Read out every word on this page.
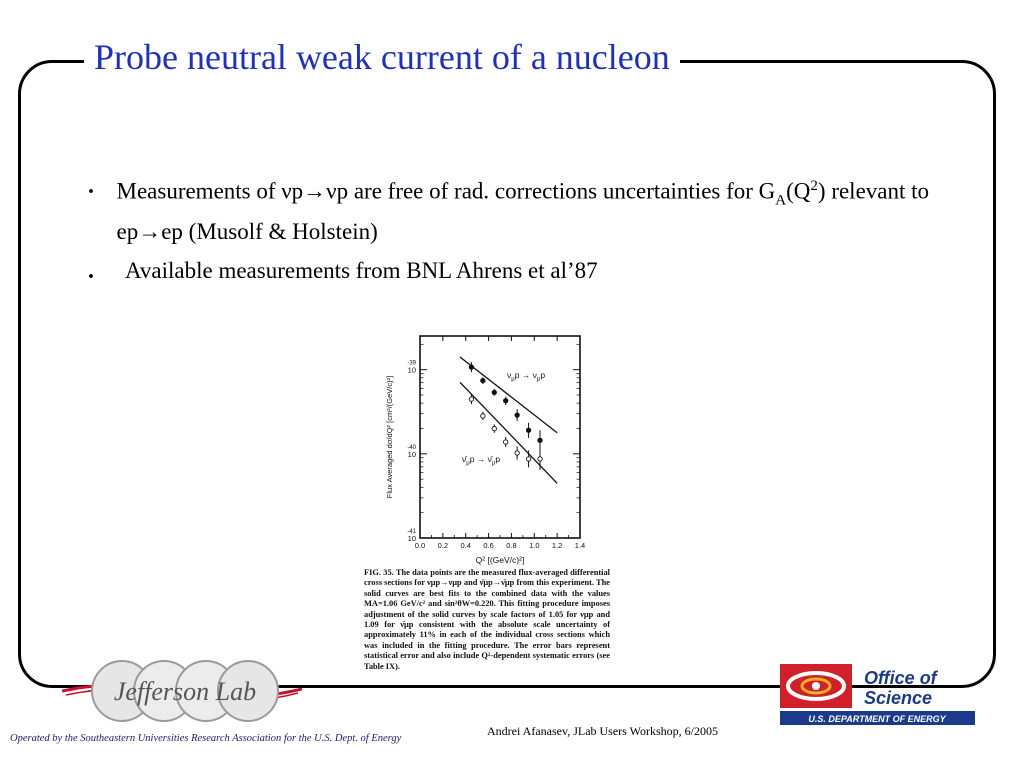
Probe neutral weak current of a nucleon
. Measurements of νp→νp are free of rad. corrections uncertainties for $G_A(Q^2)$ relevant to ep→ep (Musolf & Holstein)
.	Available measurements from BNL Ahrens et al’87
0.0 0.2 0.4 0.6 0.8 1.0 1.2 1.4
10
-39
10
-40
10
-41
Flux Averaged dσ/dQ² [cm²/(GeV/c)²]
Q² [(GeV/c)²]
$\nu_\mu p \to \nu_\mu p$
$\nū_\mu p$ → $\nū_\mu p$
FIG. 35. The data points are the measured flux-averaged differential cross sections for νμp→νμp and ν̄μp→ν̄μp from this experiment. The solid curves are best fits to the combined data with the values MA=1.06 GeV/c² and sin²θW=0.220. This fitting procedure imposes adjustment of the solid curves by scale factors of 1.05 for νμp and 1.09 for ν̄μp consistent with the absolute scale uncertainty of approximately 11% in each of the individual cross sections which was included in the fitting procedure. The error bars represent statistical error and also include Q²-dependent systematic errors (see Table IX).
Jefferson Lab	Office of
Science
U.S. DEPARTMENT OF ENERGY
Operated by the Southeastern Universities Research Association for the U.S. Dept. of Energy
Andrei Afanasev, JLab Users Workshop, 6/2005
